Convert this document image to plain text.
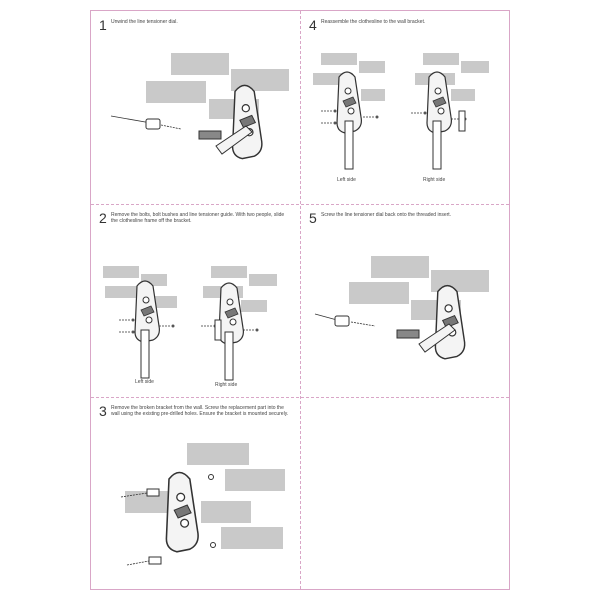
1 Unwind the line tensioner dial.	4 Reassemble the clothesline to the wall bracket.
Left side	Right side
2 Remove the bolts, bolt bushes and line tensioner guide. With two people, slide the clothesline frame off the bracket.
Left side	Right side
5 Screw the line tensioner dial back onto the threaded insert.
3 Remove the broken bracket from the wall. Screw the replacement part into the wall using the existing pre-drilled holes. Ensure the bracket is mounted securely.
